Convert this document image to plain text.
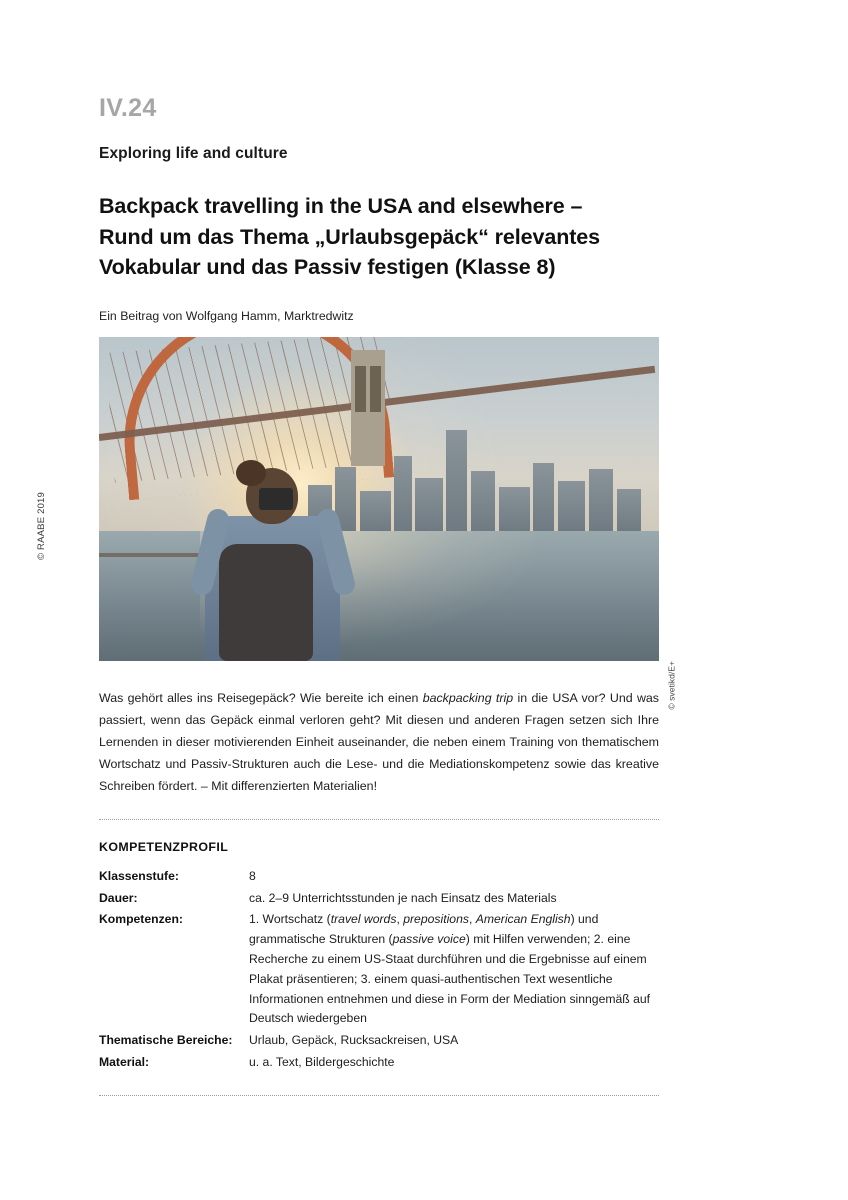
© RAABE 2019
IV.24
Exploring life and culture
Backpack travelling in the USA and elsewhere –
Rund um das Thema „Urlaubsgepäck“ relevantes
Vokabular und das Passiv festigen (Klasse 8)
Ein Beitrag von Wolfgang Hamm, Marktredwitz
© svetikd/E+

Was gehört alles ins Reisegepäck? Wie bereite ich einen backpacking trip in die USA vor? Und was passiert, wenn das Gepäck einmal verloren geht? Mit diesen und anderen Fragen setzen sich Ihre Lernenden in dieser motivierenden Einheit auseinander, die neben einem Training von thematischem Wortschatz und Passiv-Strukturen auch die Lese- und die Mediationskompetenz sowie das kreative Schreiben fördert. – Mit differenzierten Materialien!

KOMPETENZPROFIL
Klassenstufe:	8
Dauer:	ca. 2–9 Unterrichtsstunden je nach Einsatz des Materials
Kompetenzen:	1. Wortschatz (travel words, prepositions, American English) und grammatische Strukturen (passive voice) mit Hilfen verwenden; 2. eine Recherche zu einem US-Staat durchführen und die Ergebnisse auf einem Plakat präsentieren; 3. einem quasi-authentischen Text wesentliche Informationen entnehmen und diese in Form der Mediation sinngemäß auf Deutsch wiedergeben
Thematische Bereiche:	Urlaub, Gepäck, Rucksackreisen, USA
Material:	u. a. Text, Bildergeschichte
